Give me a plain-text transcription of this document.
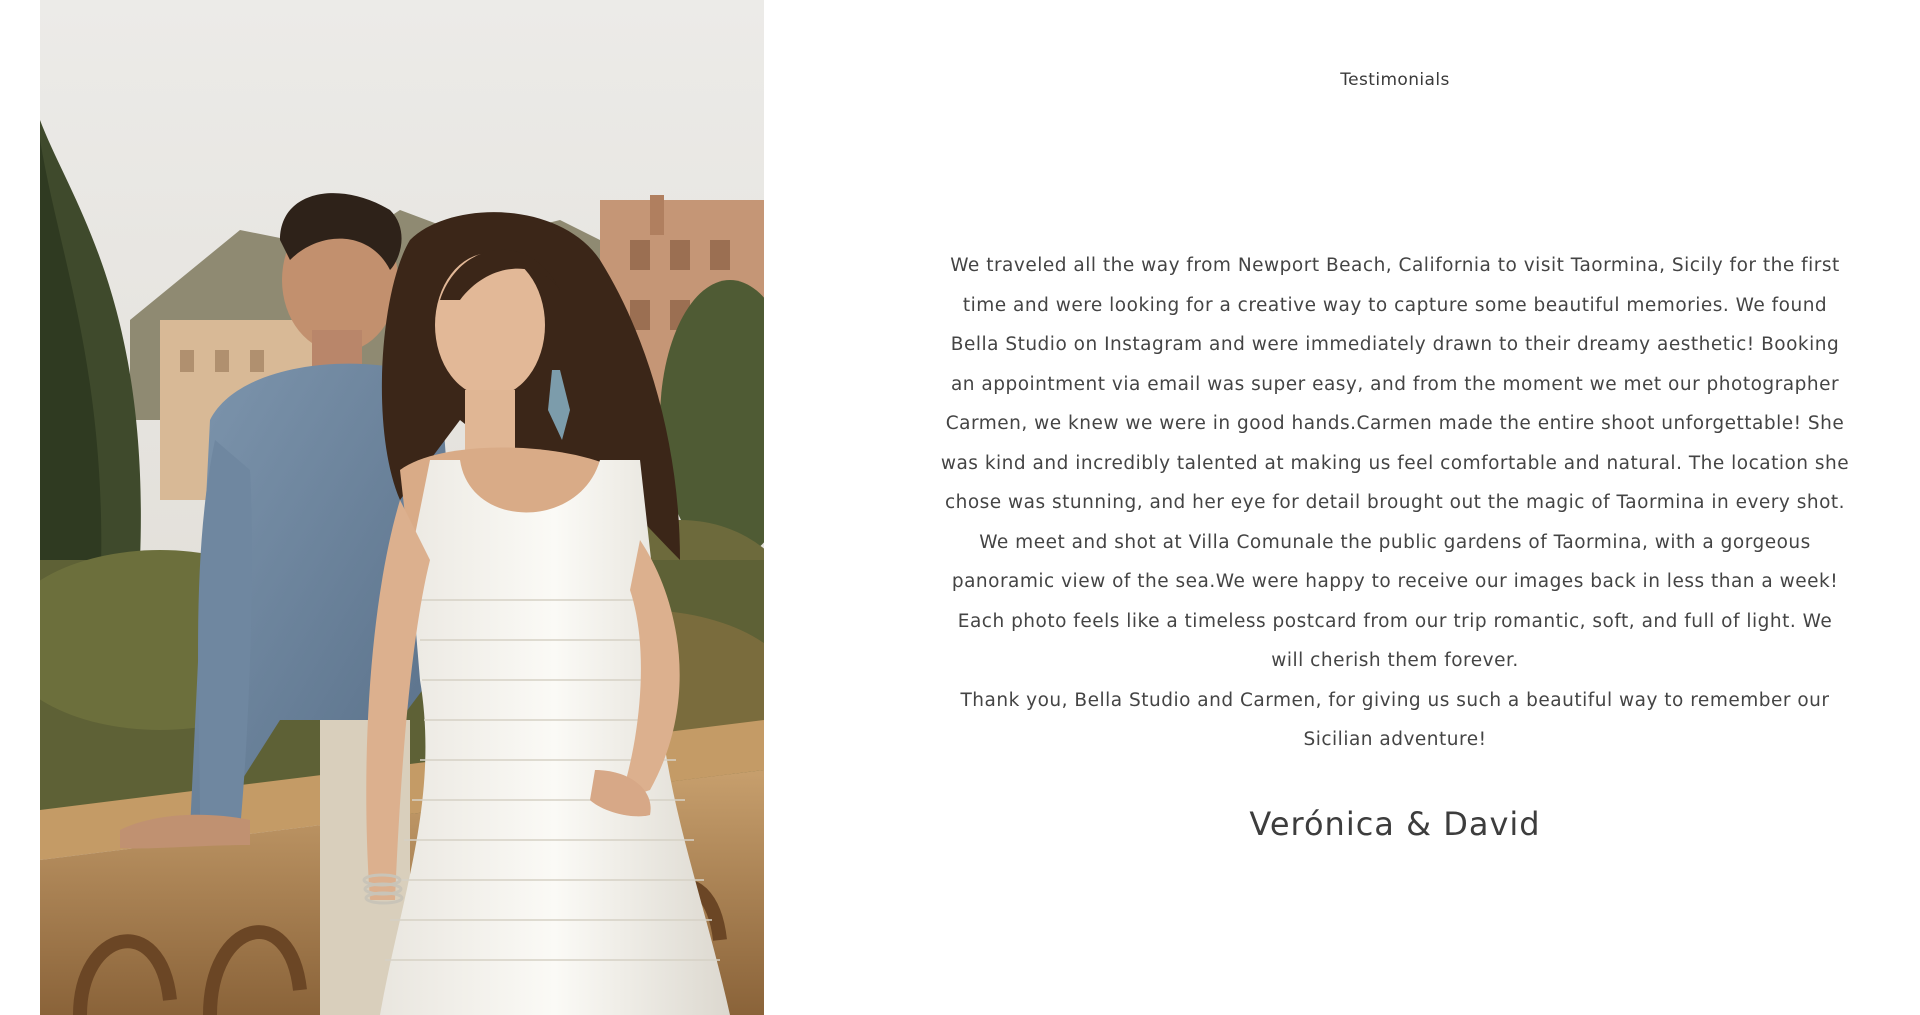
Testimonials

We traveled all the way from Newport Beach, California to visit Taormina, Sicily for the first time and were looking for a creative way to capture some beautiful memories. We found Bella Studio on Instagram and were immediately drawn to their dreamy aesthetic! Booking an appointment via email was super easy, and from the moment we met our photographer Carmen, we knew we were in good hands.Carmen made the entire shoot unforgettable! She was kind and incredibly talented at making us feel comfortable and natural. The location she chose was stunning, and her eye for detail brought out the magic of Taormina in every shot. We meet and shot at Villa Comunale the public gardens of Taormina, with a gorgeous panoramic view of the sea.We were happy to receive our images back in less than a week! Each photo feels like a timeless postcard from our trip romantic, soft, and full of light. We will cherish them forever.

Thank you, Bella Studio and Carmen, for giving us such a beautiful way to remember our Sicilian adventure!

Verónica & David
